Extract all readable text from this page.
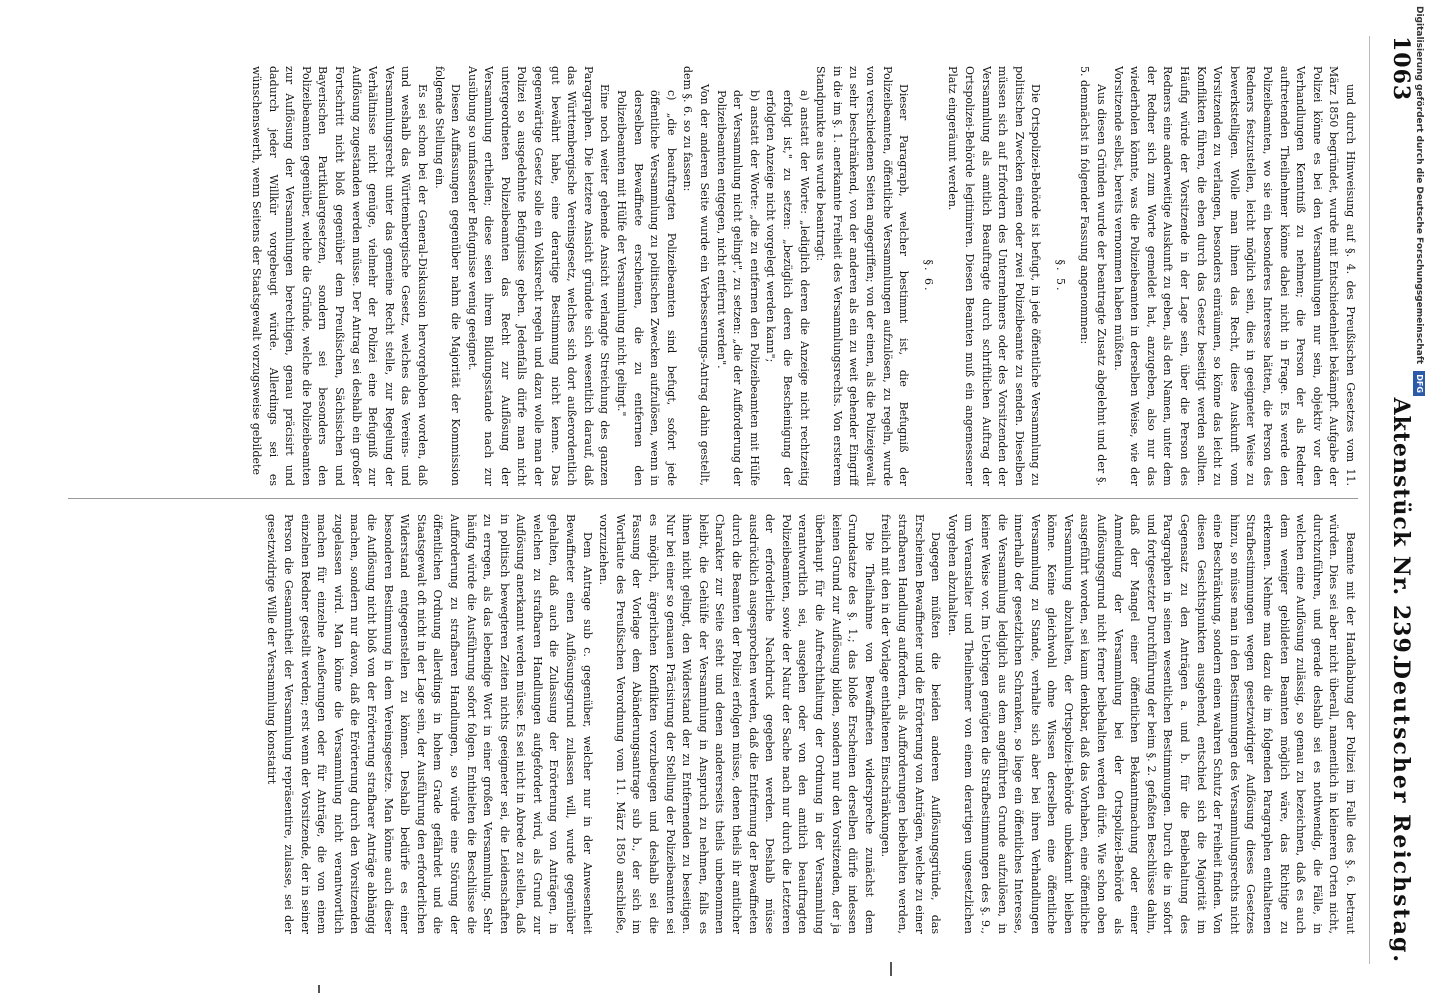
1063
Aktenstück Nr. 239.
Deutscher Reichstag.

und durch Hinweisung auf §. 4. des Preußischen Gesetzes vom 11. März 1850 begründet, wurde mit Entschiedenheit bekämpft. Aufgabe der Polizei könne es bei den Versammlungen nur sein, objektiv vor den Verhandlungen Kenntniß zu nehmen; die Person der als Redner auftretenden Theilnehmer könne dabei nicht in Frage. Es werde den Polizeibeamten, wo sie ein besonderes Interesse hätten, die Person des Redners festzustellen, leicht möglich sein, dies in geeigneter Weise zu bewerkstelligen. Wolle man ihnen das Recht, diese Auskunft vom Vorsitzenden zu verlangen, besonders einräumen, so könne das leicht zu Konflikten führen, die eben durch das Gesetz beseitigt werden sollten. Häufig würde der Vorsitzende in der Lage sein, über die Person des Redners eine anderweitige Auskunft zu geben, als den Namen, unter dem der Redner sich zum Worte gemeldet hat, anzugeben, also nur das wiederholen könnte, was die Polizeibeamten in derselben Weise, wie der Vorsitzende selbst, bereits vernommen haben müßten.

Aus diesen Gründen wurde der beantragte Zusatz abgelehnt und der §. 5. demnächst in folgender Fassung angenommen:

§. 5.

Die Ortspolizei-Behörde ist befugt, in jede öffentliche Versammlung zu politischen Zwecken einen oder zwei Polizeibeamte zu senden. Dieselben müssen sich auf Erfordern des Unternehmers oder des Vorsitzenden der Versammlung als amtlich Beauftragte durch schriftlichen Auftrag der Ortspolizei-Behörde legitimiren. Diesen Beamten muß ein angemessener Platz eingeräumt werden.

§. 6.

Dieser Paragraph, welcher bestimmt ist, die Befugniß der Polizeibeamten, öffentliche Versammlungen aufzulösen, zu regeln, wurde von verschiedenen Seiten angegriffen; von der einen, als die Polizeigewalt zu sehr beschränkend, von der anderen als ein zu weit gehender Eingriff in die im §. 1. anerkannte Freiheit des Versammlungsrechts. Von ersterem Standpunkte aus wurde beantragt:

a) anstatt der Worte: „lediglich deren die Anzeige nicht rechtzeitig erfolgt ist," zu setzen: „bezüglich deren die Bescheinigung der erfolgten Anzeige nicht vorgelegt werden kann";

b) anstatt der Worte: „die zu entfernen den Polizeibeamten mit Hülfe der Versammlung nicht gelingt", zu setzen: „die der Aufforderung der Polizeibeamten entgegen, nicht entfernt werden".

Von der anderen Seite wurde ein Verbesserungs-Antrag dahin gestellt, dem §. 6. so zu fassen:

c) „die beauftragten Polizeibeamten sind befugt, sofort jede öffentliche Versammlung zu politischen Zwecken aufzulösen, wenn in derselben Bewaffnete erscheinen, die zu entfernen den Polizeibeamten mit Hülfe der Versammlung nicht gelingt."

Eine noch weiter gehende Ansicht verlangte Streichung des ganzen Paragraphen. Die letztere Ansicht gründete sich wesentlich darauf, daß das Württembergische Vereinsgesetz, welches sich dort außerordentlich gut bewährt habe, eine derartige Bestimmung nicht kenne. Das gegenwärtige Gesetz solle ein Volksrecht regeln und dazu wolle man der Polizei so ausgedehnte Befugnisse geben. Jedenfalls dürfe man nicht untergeordneten Polizeibeamten das Recht zur Auflösung der Versammlung ertheilen; diese seien ihrem Bildungsstande nach zur Ausübung so umfassender Befugnisse wenig geeignet.

Diesen Auffassungen gegenüber nahm die Majorität der Kommission folgende Stellung ein.

Es sei schon bei der General-Diskussion hervorgehoben worden, daß und weshalb das Württembergische Gesetz, welches das Vereins- und Versammlungsrecht unter das gemeine Recht stelle, zur Regelung der Verhältnisse nicht genüge, vielmehr der Polizei eine Befugniß zur Auflösung zugestanden werden müsse. Der Antrag sei deshalb ein großer Fortschritt nicht bloß gegenüber dem Preußischen, Sächsischen und Bayerischen Partikulargesetzen, sondern sei besonders den Polizeibeamten gegenüber, welche die Gründe, welche die Polizeibeamten zur Auflösung der Versammlungen berechtigen, genau präcisirt und dadurch jeder Willkür vorgebeugt würde. Allerdings sei es wünschenswerth, wenn Seitens der Staatsgewalt vorzugsweise gebildete

Beamte mit der Handhabung der Polizei im Falle des §. 6. betraut würden. Dies sei aber nicht überall, namentlich in kleineren Orten nicht, durchzuführen, und gerade deshalb sei es nothwendig, die Fälle, in welchen eine Auflösung zulässig, so genau zu bezeichnen, daß es auch dem weniger gebildeten Beamten möglich wäre, das Richtige zu erkennen. Nehme man dazu die im folgenden Paragraphen enthaltenen Strafbestimmungen wegen gesetzwidriger Auflösung dieses Gesetzes hinzu, so müsse man in den Bestimmungen des Versammlungsrechts nicht eine Beschränkung, sondern einen wahren Schutz der Freiheit finden. Von diesen Gesichtspunkten ausgehend, entschied sich die Majorität im Gegensatz zu den Anträgen a. und b. für die Beibehaltung des Paragraphen in seinen wesentlichen Bestimmungen. Durch die in sofort und fortgesetzter Durchführung der beim §. 2. gefaßten Beschlüsse dahin, daß der Mangel einer öffentlichen Bekanntmachung oder einer Anmeldung der Versammlung bei der Ortspolizei-Behörde als Auflösungsgrund nicht ferner beibehalten werden dürfe. Wie schon oben ausgeführt worden, sei kaum denkbar, daß das Vorhaben, eine öffentliche Versammlung abzuhalten, der Ortspolizei-Behörde unbekannt bleiben könne. Keine gleichwohl ohne Wissen derselben eine öffentliche Versammlung zu Stande, verhalte sich aber bei ihren Verhandlungen innerhalb der gesetzlichen Schranken, so liege ein öffentliches Interesse, die Versammlung lediglich aus dem angeführten Grunde aufzulösen, in keiner Weise vor. Im Uebrigen genügten die Strafbestimmungen des §. 9., um Veranstalter und Theilnehmer von einem derartigen ungesetzlichen Vorgehen abzuhalten.

Dagegen müßten die beiden anderen Auflösungsgründe, das Erscheinen Bewaffneter und die Erörterung von Anträgen, welche zu einer strafbaren Handlung auffordern, als Aufforderungen beibehalten werden, freilich mit den in der Vorlage enthaltenen Einschränkungen.

Die Theilnahme von Bewaffneten widerspreche zunächst dem Grundsatze des §. 1.; das bloße Erscheinen derselben dürfe indessen keinen Grund zur Auflösung bilden, sondern nur den Vorsitzenden, der ja überhaupt für die Aufrechthaltung der Ordnung in der Versammlung verantwortlich sei, ausgehen oder von den amtlich beauftragten Polizeibeamten, sowie der Natur der Sache nach nur durch die Letzteren der erforderliche Nachdruck gegeben werden. Deshalb müsse ausdrücklich ausgesprochen werden, daß die Entfernung der Bewaffneten durch die Beamten der Polizei erfolgen müsse, denen theils ihr amtlicher Charakter zur Seite steht und denen andererseits theils unbenommen bleibt, die Gehülfe der Versammlung in Anspruch zu nehmen, falls es ihnen nicht gelingt, den Widerstand der zu Entfernenden zu beseitigen. Nur bei einer so genauen Präcisirung der Stellung der Polizeibeamten sei es möglich, ärgerlichen Konflikten vorzubeugen und deshalb sei die Fassung der Vorlage dem Abänderungsantrage sub b., der sich im Wortlaute des Preußischen Verordnung vom 11. März 1850 anschließe, vorzuziehen.

Dem Antrage sub c. gegenüber, welcher nur in der Anwesenheit Bewaffneter einen Auflösungsgrund zulassen will, wurde gegenüber gehalten, daß auch die Zulassung der Erörterung von Anträgen, in welchen zu strafbaren Handlungen aufgefordert wird, als Grund zur Auflösung anerkannt werden müsse. Es sei nicht in Abrede zu stellen, daß in politisch bewegteren Zeiten nichts geeigneter sei, die Leidenschaften zu erregen, als das lebendige Wort in einer großen Versammlung. Sehr häufig würde die Ausführung sofort folgen. Enthielten die Beschlüsse die Aufforderung zu strafbaren Handlungen, so würde eine Störung der öffentlichen Ordnung allerdings in hohem Grade gefährdet und die Staatsgewalt oft nicht in der Lage sein, der Ausführung den erforderlichen Widerstand entgegenstellen zu können. Deshalb bedürfe es einer besonderen Bestimmung in dem Vereinsgesetze. Man könne auch dieser die Auflösung nicht bloß von der Erörterung strafbarer Anträge abhängig machen, sondern nur davon, daß die Erörterung durch den Vorsitzenden zugelassen wird. Man könne die Versammlung nicht verantwortlich machen für einzelne Aeußerungen oder für Anträge, die von einem einzelnen Redner gestellt werden; erst wenn der Vorsitzende, der in seiner Person die Gesammtheit der Versammlung repräsentire, zulasse, sei der gesetzwidrige Wille der Versammlung konstatirt

Digitalisierung gefördert durch die Deutsche Forschungsgemeinschaft DFG
